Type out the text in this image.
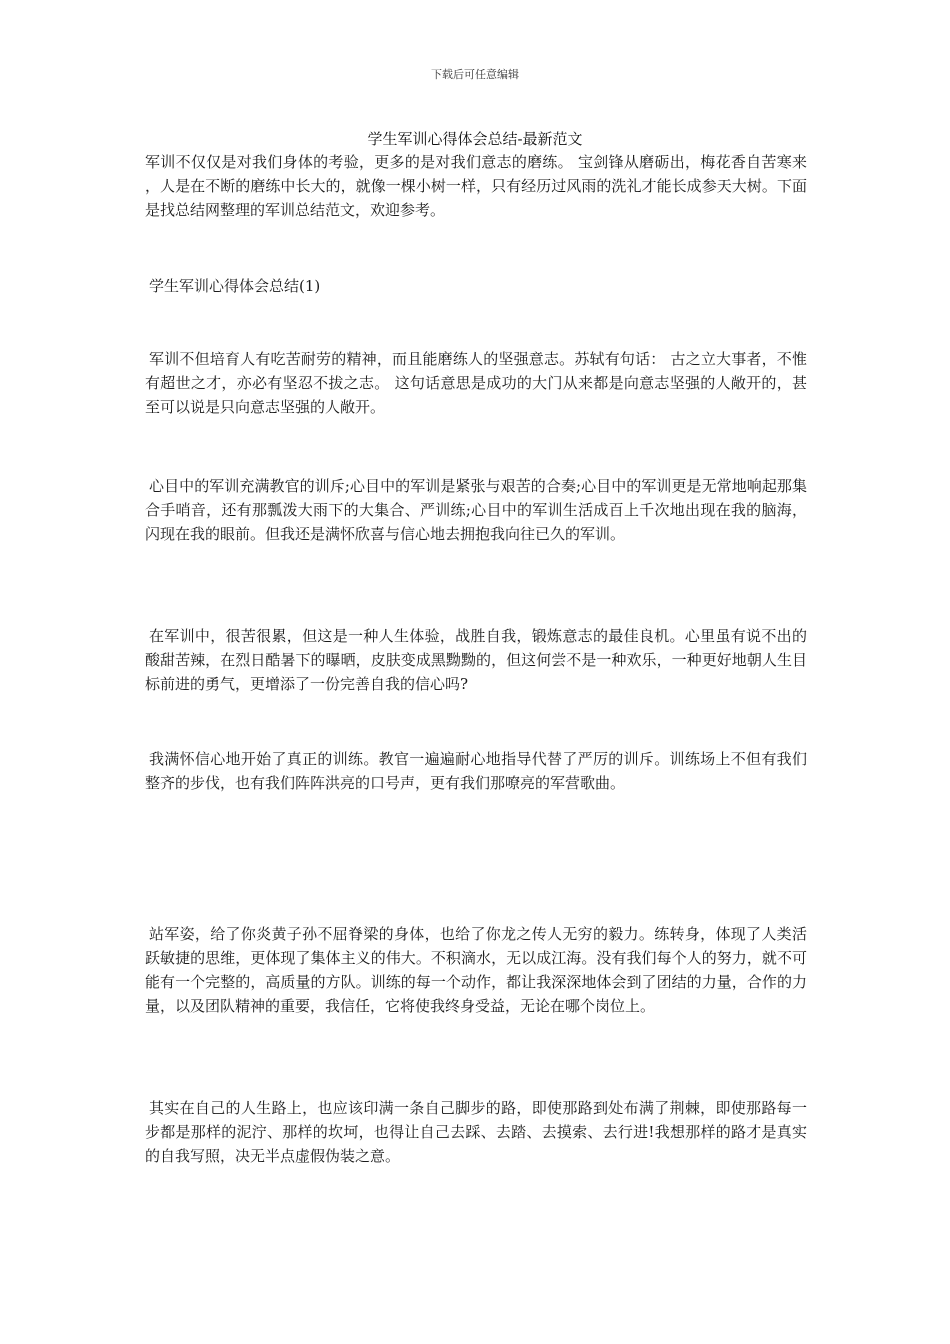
下载后可任意编辑
学生军训心得体会总结-最新范文

军训不仅仅是对我们身体的考验，更多的是对我们意志的磨练。 宝剑锋从磨砺出，梅花香自苦寒来 ，人是在不断的磨练中长大的，就像一棵小树一样，只有经历过风雨的洗礼才能长成参天大树。下面是找总结网整理的军训总结范文，欢迎参考。

学生军训心得体会总结(1)

军训不但培育人有吃苦耐劳的精神，而且能磨练人的坚强意志。苏轼有句话： 古之立大事者，不惟有超世之才，亦必有坚忍不拔之志。 这句话意思是成功的大门从来都是向意志坚强的人敞开的，甚至可以说是只向意志坚强的人敞开。

心目中的军训充满教官的训斥;心目中的军训是紧张与艰苦的合奏;心目中的军训更是无常地响起那集合手哨音，还有那瓢泼大雨下的大集合、严训练;心目中的军训生活成百上千次地出现在我的脑海，闪现在我的眼前。但我还是满怀欣喜与信心地去拥抱我向往已久的军训。

在军训中，很苦很累，但这是一种人生体验，战胜自我，锻炼意志的最佳良机。心里虽有说不出的酸甜苦辣，在烈日酷暑下的曝晒，皮肤变成黑黝黝的，但这何尝不是一种欢乐，一种更好地朝人生目标前进的勇气，更增添了一份完善自我的信心吗?

我满怀信心地开始了真正的训练。教官一遍遍耐心地指导代替了严厉的训斥。训练场上不但有我们整齐的步伐，也有我们阵阵洪亮的口号声，更有我们那嘹亮的军营歌曲。

站军姿，给了你炎黄子孙不屈脊梁的身体，也给了你龙之传人无穷的毅力。练转身，体现了人类活跃敏捷的思维，更体现了集体主义的伟大。不积滴水，无以成江海。没有我们每个人的努力，就不可能有一个完整的，高质量的方队。训练的每一个动作，都让我深深地体会到了团结的力量，合作的力量，以及团队精神的重要，我信任，它将使我终身受益，无论在哪个岗位上。

其实在自己的人生路上，也应该印满一条自己脚步的路，即使那路到处布满了荆棘，即使那路每一步都是那样的泥泞、那样的坎坷，也得让自己去踩、去踏、去摸索、去行进!我想那样的路才是真实的自我写照，决无半点虚假伪装之意。
